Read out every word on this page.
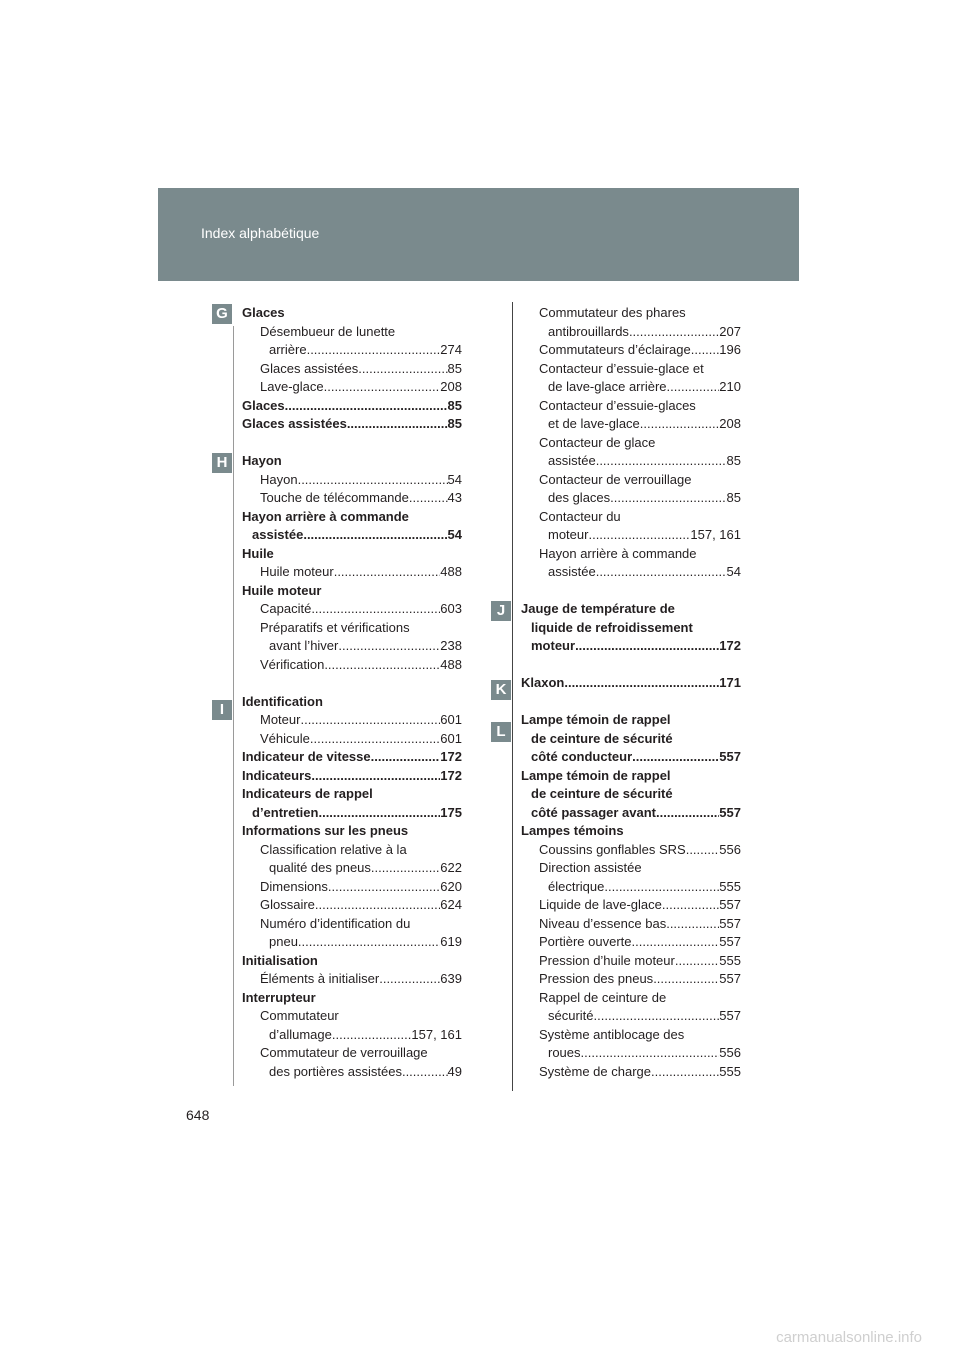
Index alphabétique
G
H
I
J
K
L
Glaces
Désembueur de lunette
arrière .....	274
Glaces assistées .....	85
Lave-glace .....	208
Glaces .....	85
Glaces assistées .....	85
Hayon
Hayon .....	54
Touche de télécommande .....	43
Hayon arrière à commande
assistée .....	54
Huile
Huile moteur .....	488
Huile moteur
Capacité .....	603
Préparatifs et vérifications
avant l’hiver .....	238
Vérification .....	488
Identification
Moteur .....	601
Véhicule .....	601
Indicateur de vitesse .....	172
Indicateurs .....	172
Indicateurs de rappel
d’entretien .....	175
Informations sur les pneus
Classification relative à la
qualité des pneus .....	622
Dimensions .....	620
Glossaire .....	624
Numéro d’identification du
pneu .....	619
Initialisation
Éléments à initialiser .....	639
Interrupteur
Commutateur
d’allumage .....	157, 161
Commutateur de verrouillage
des portières assistées .....	49
Commutateur des phares
antibrouillards .....	207
Commutateurs d’éclairage ..... 196
Contacteur d’essuie-glace et
de lave-glace arrière .....	210
Contacteur d’essuie-glaces
et de lave-glace .....	208
Contacteur de glace
assistée .....	85
Contacteur de verrouillage
des glaces .....	85
Contacteur du
moteur .....	157, 161
Hayon arrière à commande
assistée .....	54
Jauge de température de
liquide de refroidissement
moteur .....	172
Klaxon .....	171
Lampe témoin de rappel
de ceinture de sécurité
côté conducteur .....	557
Lampe témoin de rappel
de ceinture de sécurité
côté passager avant .....	557
Lampes témoins
Coussins gonflables SRS .....	556
Direction assistée
électrique .....	555
Liquide de lave-glace .....	557
Niveau d’essence bas .....	557
Portière ouverte .....	557
Pression d’huile moteur .....	555
Pression des pneus .....	557
Rappel de ceinture de
sécurité .....	557
Système antiblocage des
roues .....	556
Système de charge .....	555
648
carmanualsonline.info
